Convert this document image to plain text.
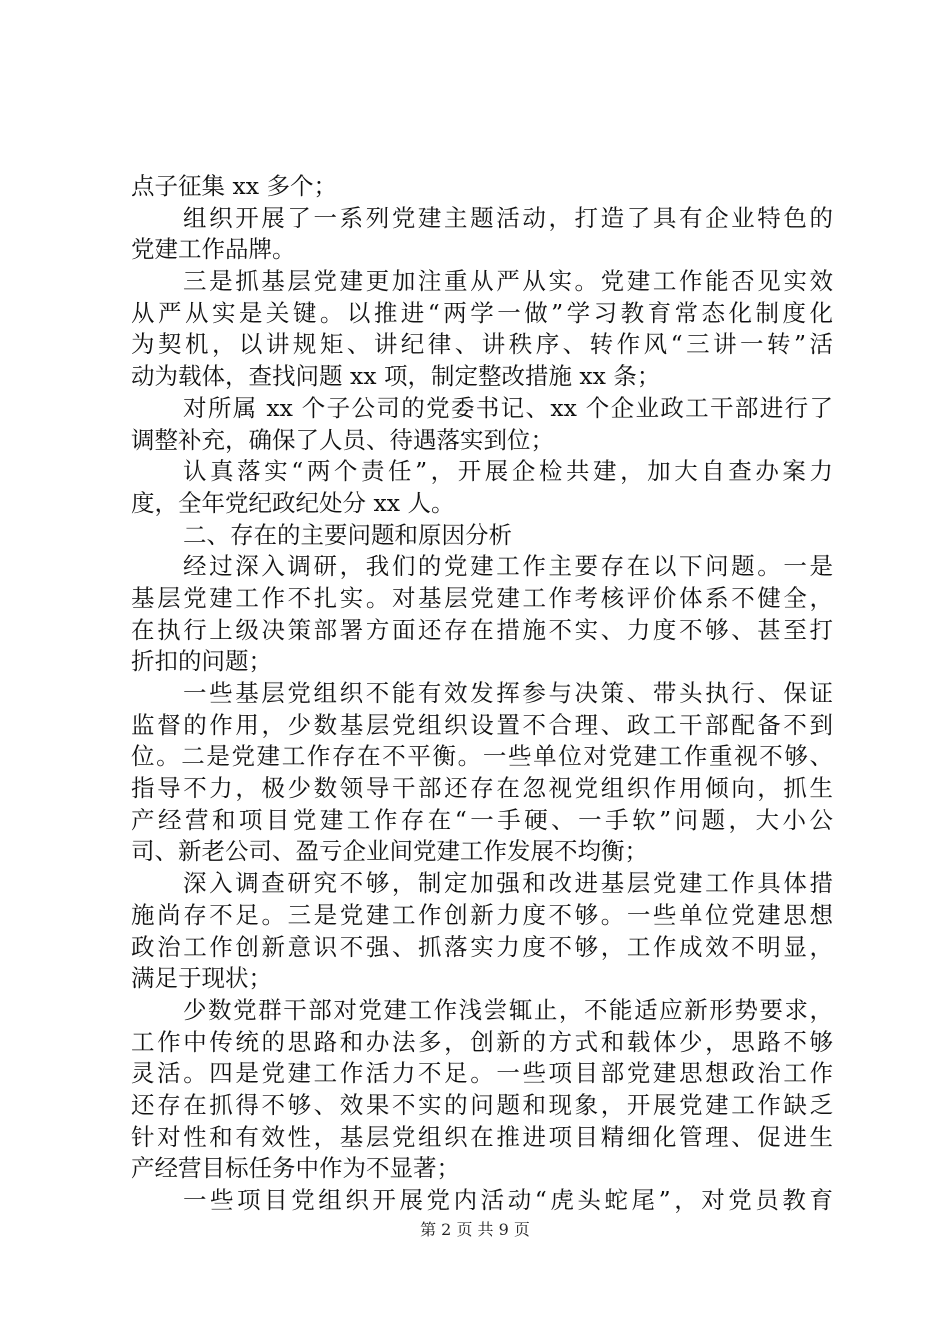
点子征集 xx 多个；
组织开展了一系列党建主题活动，打造了具有企业特色的
党建工作品牌。
三是抓基层党建更加注重从严从实。党建工作能否见实效
从严从实是关键。以推进“两学一做”学习教育常态化制度化
为契机，以讲规矩、讲纪律、讲秩序、转作风“三讲一转”活
动为载体，查找问题 xx 项，制定整改措施 xx 条；
对所属 xx 个子公司的党委书记、xx 个企业政工干部进行了
调整补充，确保了人员、待遇落实到位；
认真落实“两个责任”，开展企检共建，加大自查办案力
度，全年党纪政纪处分 xx 人。
二、存在的主要问题和原因分析
经过深入调研，我们的党建工作主要存在以下问题。一是
基层党建工作不扎实。对基层党建工作考核评价体系不健全，
在执行上级决策部署方面还存在措施不实、力度不够、甚至打
折扣的问题；
一些基层党组织不能有效发挥参与决策、带头执行、保证
监督的作用，少数基层党组织设置不合理、政工干部配备不到
位。二是党建工作存在不平衡。一些单位对党建工作重视不够、
指导不力，极少数领导干部还存在忽视党组织作用倾向，抓生
产经营和项目党建工作存在“一手硬、一手软”问题，大小公
司、新老公司、盈亏企业间党建工作发展不均衡；
深入调查研究不够，制定加强和改进基层党建工作具体措
施尚存不足。三是党建工作创新力度不够。一些单位党建思想
政治工作创新意识不强、抓落实力度不够，工作成效不明显，
满足于现状；
少数党群干部对党建工作浅尝辄止，不能适应新形势要求，
工作中传统的思路和办法多，创新的方式和载体少，思路不够
灵活。四是党建工作活力不足。一些项目部党建思想政治工作
还存在抓得不够、效果不实的问题和现象，开展党建工作缺乏
针对性和有效性，基层党组织在推进项目精细化管理、促进生
产经营目标任务中作为不显著；
一些项目党组织开展党内活动“虎头蛇尾”，对党员教育
第 2 页 共 9 页
